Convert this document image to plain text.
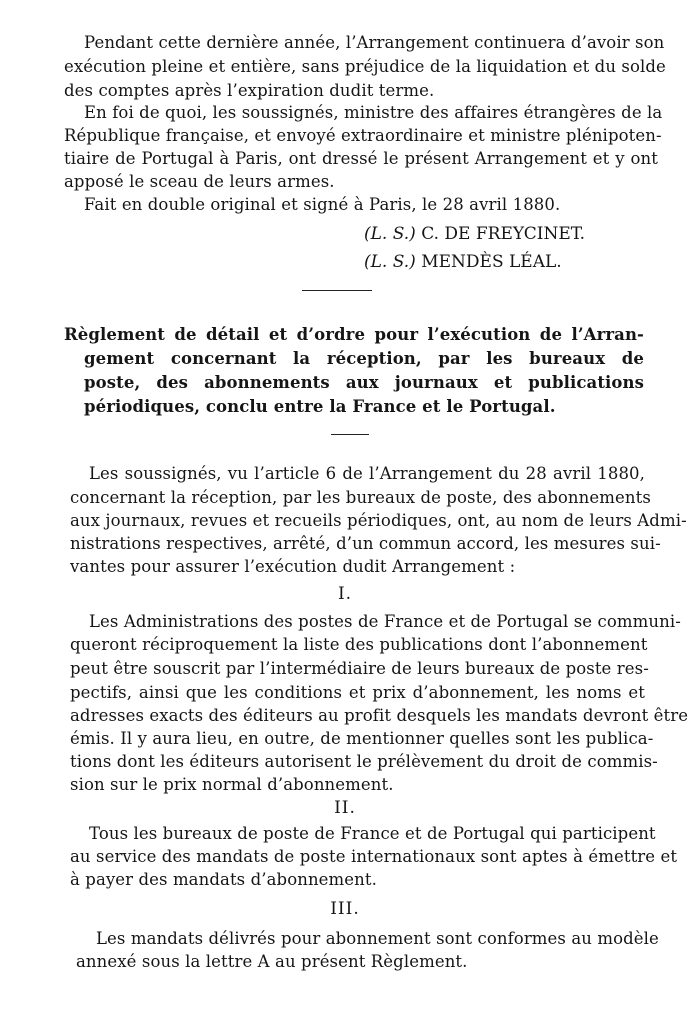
Pendant cette dernière année, l’Arrangement continuera d’avoir son
exécution pleine et entière, sans préjudice de la liquidation et du solde
des comptes après l’expiration dudit terme.
En foi de quoi, les soussignés, ministre des affaires étrangères de la
République française, et envoyé extraordinaire et ministre plénipoten-
tiaire de Portugal à Paris, ont dressé le présent Arrangement et y ont
apposé le sceau de leurs armes.
Fait en double original et signé à Paris, le 28 avril 1880.
(L. S.) C. DE FREYCINET.
(L. S.) MENDÈS LÉAL.
Règlement de détail et d’ordre pour l’exécution de l’Arran-
gement concernant la réception, par les bureaux de
poste, des abonnements aux journaux et publications
périodiques, conclu entre la France et le Portugal.
Les soussignés, vu l’article 6 de l’Arrangement du 28 avril 1880,
concernant la réception, par les bureaux de poste, des abonnements
aux journaux, revues et recueils périodiques, ont, au nom de leurs Admi-
nistrations respectives, arrêté, d’un commun accord, les mesures sui-
vantes pour assurer l’exécution dudit Arrangement :
I.
Les Administrations des postes de France et de Portugal se communi-
queront réciproquement la liste des publications dont l’abonnement
peut être souscrit par l’intermédiaire de leurs bureaux de poste res-
pectifs, ainsi que les conditions et prix d’abonnement, les noms et
adresses exacts des éditeurs au profit desquels les mandats devront être
émis. Il y aura lieu, en outre, de mentionner quelles sont les publica-
tions dont les éditeurs autorisent le prélèvement du droit de commis-
sion sur le prix normal d’abonnement.
II.
Tous les bureaux de poste de France et de Portugal qui participent
au service des mandats de poste internationaux sont aptes à émettre et
à payer des mandats d’abonnement.
III.
Les mandats délivrés pour abonnement sont conformes au modèle
annexé sous la lettre A au présent Règlement.
